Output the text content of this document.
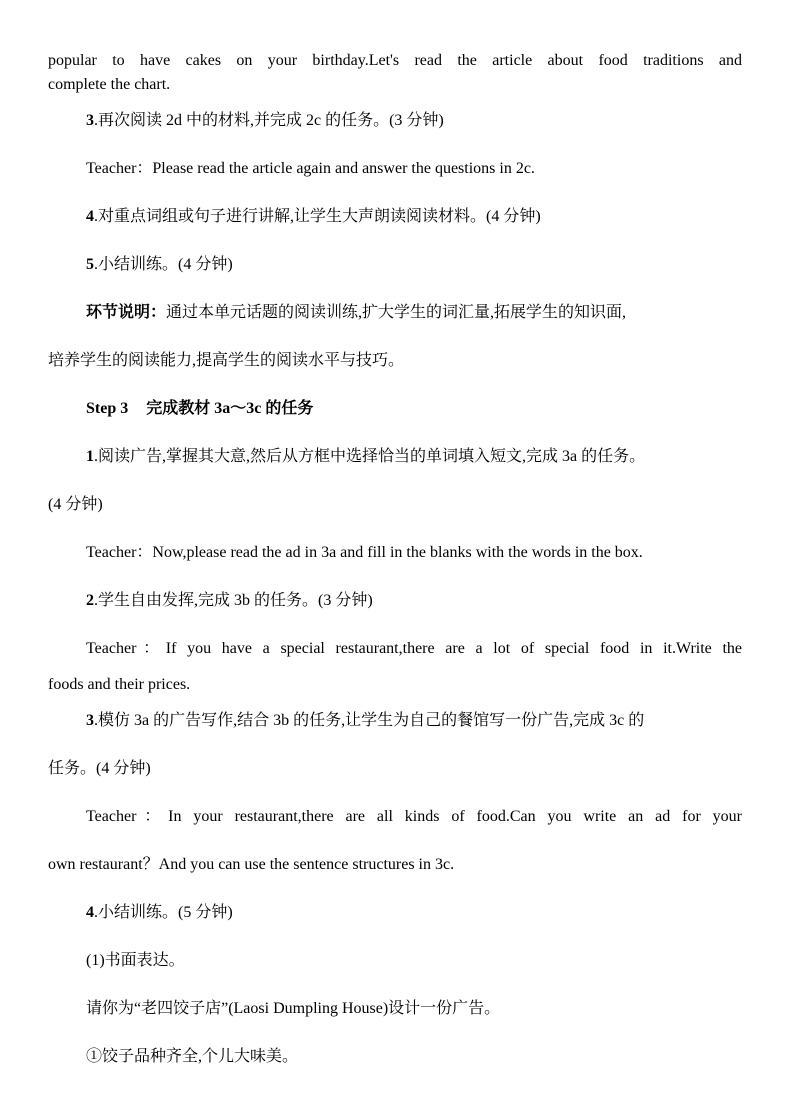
popular to have cakes on your birthday.Let's read the article about food traditions and
complete the chart.
3.再次阅读 2d 中的材料,并完成 2c 的任务。(3 分钟)
Teacher：Please read the article again and answer the questions in 2c.
4.对重点词组或句子进行讲解,让学生大声朗读阅读材料。(4 分钟)
5.小结训练。(4 分钟)
环节说明：通过本单元话题的阅读训练,扩大学生的词汇量,拓展学生的知识面,
培养学生的阅读能力,提高学生的阅读水平与技巧。
Step 3 完成教材 3a～3c 的任务
1.阅读广告,掌握其大意,然后从方框中选择恰当的单词填入短文,完成 3a 的任务。
(4 分钟)
Teacher：Now,please read the ad in 3a and fill in the blanks with the words in the box.
2.学生自由发挥,完成 3b 的任务。(3 分钟)
Teacher：If you have a special restaurant,there are a lot of special food in it.Write the
foods and their prices.
3.模仿 3a 的广告写作,结合 3b 的任务,让学生为自己的餐馆写一份广告,完成 3c 的
任务。(4 分钟)
Teacher：In your restaurant,there are all kinds of food.Can you write an ad for your
own restaurant？And you can use the sentence structures in 3c.
4.小结训练。(5 分钟)
(1)书面表达。
请你为“老四饺子店”(Laosi Dumpling House)设计一份广告。
①饺子品种齐全,个儿大味美。
